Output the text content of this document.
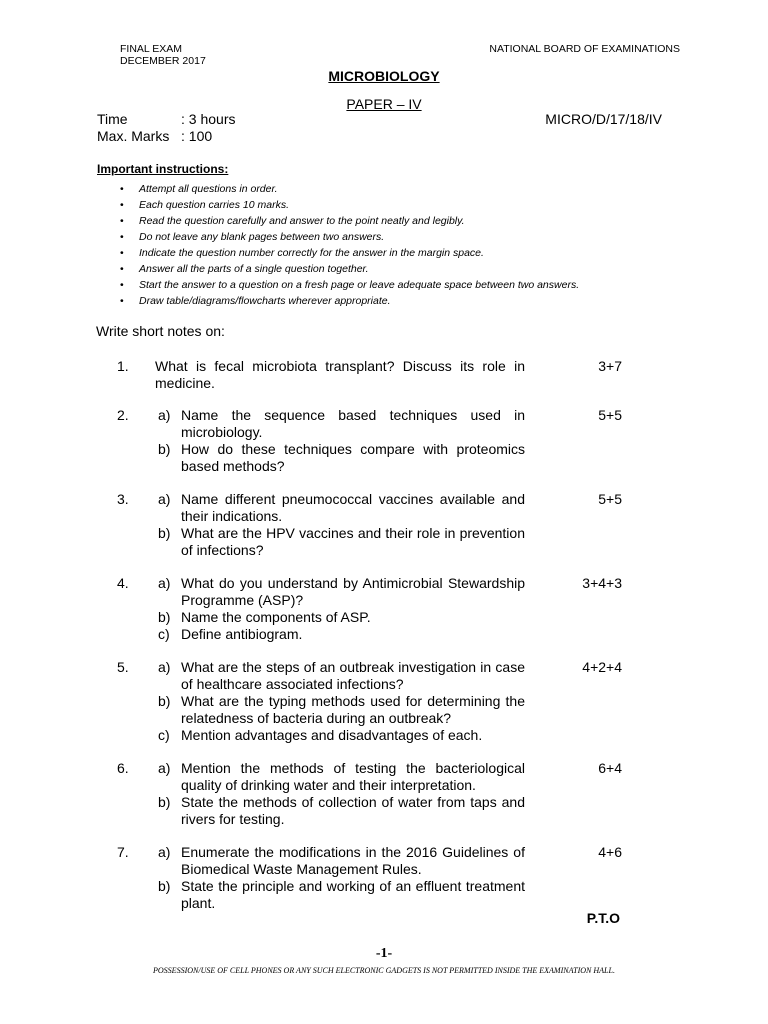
FINAL EXAM
DECEMBER 2017
NATIONAL BOARD OF EXAMINATIONS
MICROBIOLOGY
PAPER – IV
Time	: 3 hours
Max. Marks : 100
MICRO/D/17/18/IV
Important instructions:
• Attempt all questions in order.
• Each question carries 10 marks.
• Read the question carefully and answer to the point neatly and legibly.
• Do not leave any blank pages between two answers.
• Indicate the question number correctly for the answer in the margin space.
• Answer all the parts of a single question together.
• Start the answer to a question on a fresh page or leave adequate space between two answers.
• Draw table/diagrams/flowcharts wherever appropriate.
Write short notes on:
1.	3+7
What is fecal microbiota transplant? Discuss its role in medicine.
2.	5+5
a) Name the sequence based techniques used in microbiology.
b) How do these techniques compare with proteomics based methods?
3.	5+5
a) Name different pneumococcal vaccines available and their indications.
b) What are the HPV vaccines and their role in prevention of infections?
4.	3+4+3
a) What do you understand by Antimicrobial Stewardship Programme (ASP)?
b) Name the components of ASP.
c) Define antibiogram.
5.	4+2+4
a) What are the steps of an outbreak investigation in case of healthcare associated infections?
b) What are the typing methods used for determining the relatedness of bacteria during an outbreak?
c) Mention advantages and disadvantages of each.
6.	6+4
a) Mention the methods of testing the bacteriological quality of drinking water and their interpretation.
b) State the methods of collection of water from taps and rivers for testing.
7.	4+6
a) Enumerate the modifications in the 2016 Guidelines of Biomedical Waste Management Rules.
b) State the principle and working of an effluent treatment plant.
P.T.O
-1-
POSSESSION/USE OF CELL PHONES OR ANY SUCH ELECTRONIC GADGETS IS NOT PERMITTED INSIDE THE EXAMINATION HALL.
